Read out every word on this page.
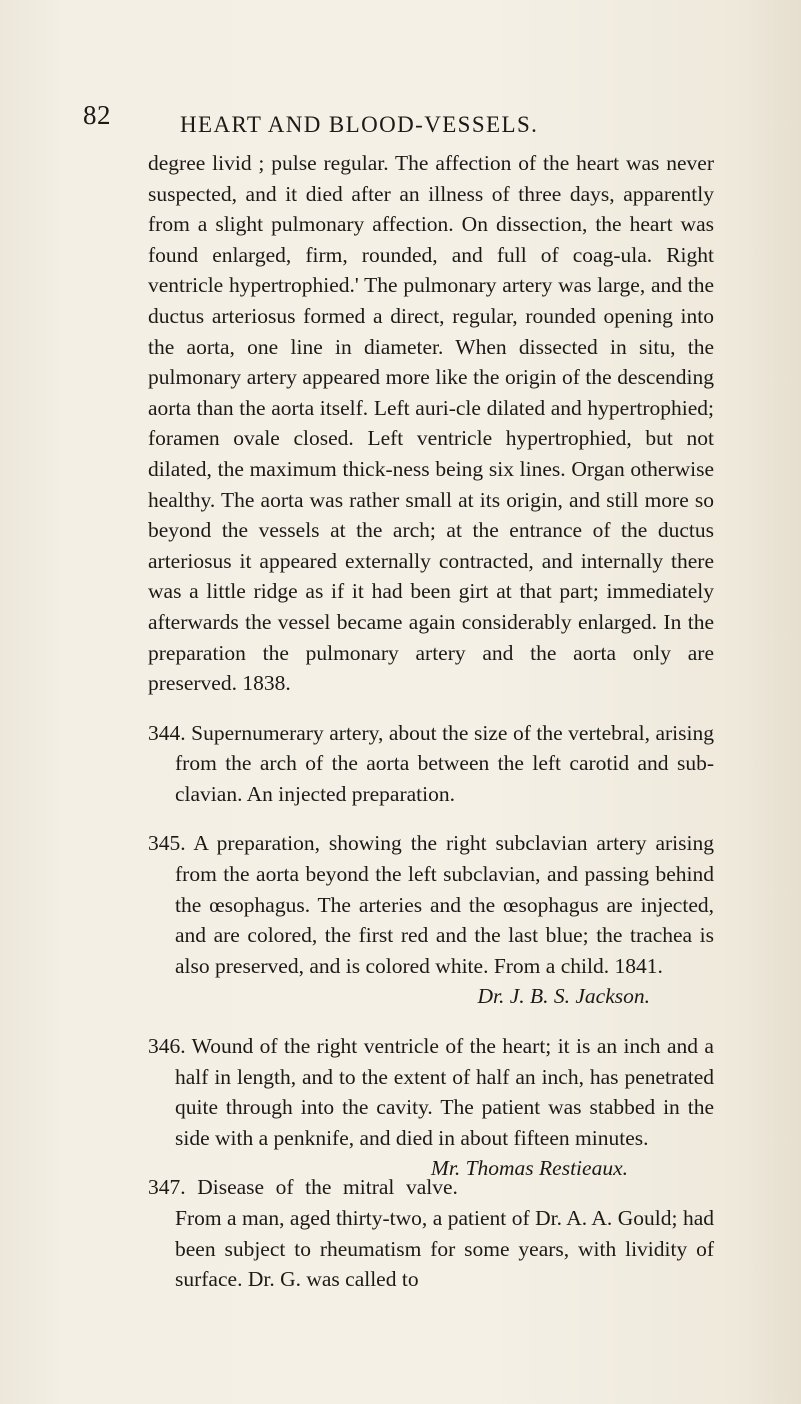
82	HEART AND BLOOD-VESSELS.

degree livid ; pulse regular. The affection of the heart was never suspected, and it died after an illness of three days, apparently from a slight pulmonary affection. On dissection, the heart was found enlarged, firm, rounded, and full of coag-ula. Right ventricle hypertrophied.' The pulmonary artery was large, and the ductus arteriosus formed a direct, regular, rounded opening into the aorta, one line in diameter. When dissected in situ, the pulmonary artery appeared more like the origin of the descending aorta than the aorta itself. Left auri-cle dilated and hypertrophied; foramen ovale closed. Left ventricle hypertrophied, but not dilated, the maximum thick-ness being six lines. Organ otherwise healthy. The aorta was rather small at its origin, and still more so beyond the vessels at the arch; at the entrance of the ductus arteriosus it appeared externally contracted, and internally there was a little ridge as if it had been girt at that part; immediately afterwards the vessel became again considerably enlarged. In the preparation the pulmonary artery and the aorta only are preserved. 1838.

344. Supernumerary artery, about the size of the vertebral, arising from the arch of the aorta between the left carotid and sub-clavian. An injected preparation.

345. A preparation, showing the right subclavian artery arising from the aorta beyond the left subclavian, and passing behind the œsophagus. The arteries and the œsophagus are injected, and are colored, the first red and the last blue; the trachea is also preserved, and is colored white. From a child. 1841.
Dr. J. B. S. Jackson.

346. Wound of the right ventricle of the heart; it is an inch and a half in length, and to the extent of half an inch, has penetrated quite through into the cavity. The patient was stabbed in the side with a penknife, and died in about fifteen minutes.
Mr. Thomas Restieaux.

347. Disease of the mitral valve. From a man, aged thirty-two, a patient of Dr. A. A. Gould; had been subject to rheumatism for some years, with lividity of surface. Dr. G. was called to
